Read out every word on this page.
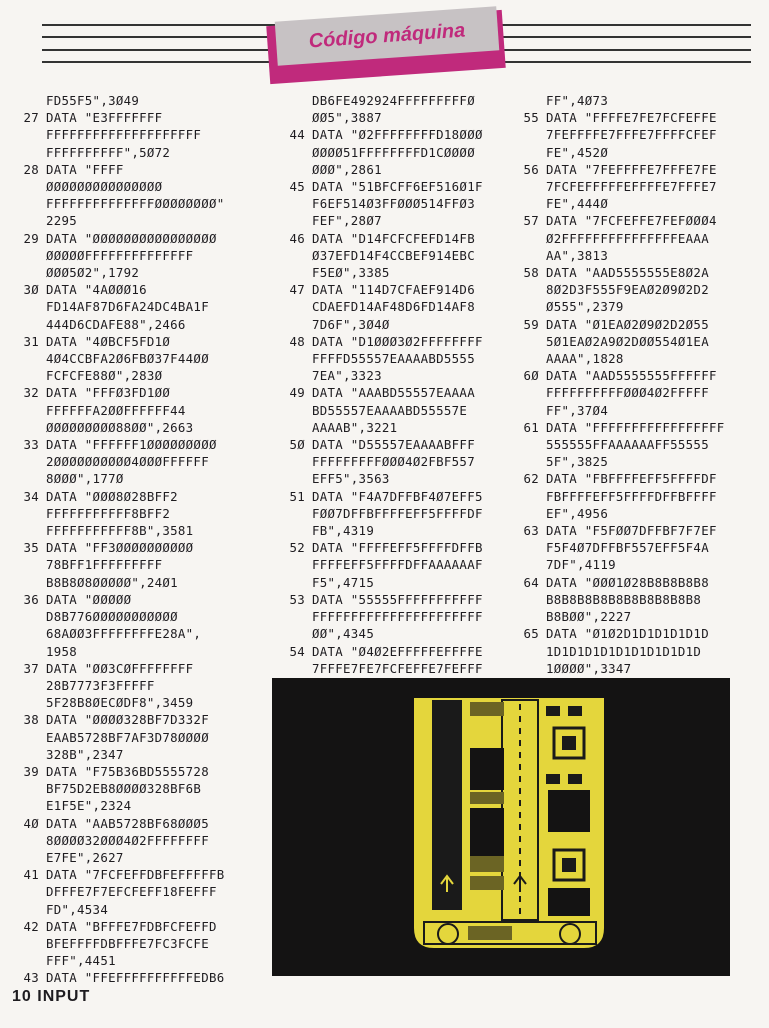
Código máquina
FD55F5",3Ø49
27 DATA "E3FFFFFFF
FFFFFFFFFFFFFFFFFFFF
FFFFFFFFFF",5Ø72
28 DATA "FFFF
ØØØØØØØØØØØØØØØ
FFFFFFFFFFFFFFØØØØØØØØ"
2295
29 DATA "ØØØØØØØØØØØØØØØØ
ØØØØØFFFFFFFFFFFFFF
ØØØ5Ø2",1792
3Ø DATA "4AØØØ16
FD14AF87D6FA24DC4BA1F
444D6CDAFE88",2466
31 DATA "4ØBCF5FD1Ø
4Ø4CCBFA2Ø6FBØ37F44ØØ
FCFCFE88Ø",283Ø
32 DATA "FFFØ3FD1ØØ
FFFFFFA2ØØFFFFFF44
ØØØØØØØØØ88ØØ",2663
33 DATA "FFFFFF1ØØØØØØØØØ
2ØØØØØØØØØØ4ØØØFFFFFF
8ØØØ",177Ø
34 DATA "ØØØ8Ø28BFF2
FFFFFFFFFFF8BFF2
FFFFFFFFFFF8B",3581
35 DATA "FF3ØØØØØØØØØØ
78BFF1FFFFFFFFF
B8B8Ø8ØØØØØ",24Ø1
36 DATA "ØØØØØ
D8B776ØØØØØØØØØØØ
68AØØ3FFFFFFFFE28A",
1958
37 DATA "ØØ3CØFFFFFFFF
28B7773F3FFFFF
5F28B8ØECØDF8",3459
38 DATA "ØØØØ328BF7D332F
EAAB5728BF7AF3D78ØØØØ
328B",2347
39 DATA "F75B36BD5555728
BF75D2EB8ØØØØ328BF6B
E1F5E",2324
4Ø DATA "AAB5728BF68ØØØ5
8ØØØØ32ØØØ4Ø2FFFFFFFF
E7FE",2627
41 DATA "7FCFEFFDBFEFFFFFB
DFFFE7F7EFCFEFF18FEFFF
FD",4534
42 DATA "BFFFE7FDBFCFEFFD
BFEFFFFDBFFFE7FC3FCFE
FFF",4451
43 DATA "FFEFFFFFFFFFFEDB6
DB6FE492924FFFFFFFFFØ
ØØ5",3887
44 DATA "Ø2FFFFFFFFD18ØØØ
ØØØØ51FFFFFFFFD1CØØØØ
ØØØ",2861
45 DATA "51BFCFF6EF516Ø1F
F6EF514Ø3FFØØØ514FFØ3
FEF",28Ø7
46 DATA "D14FCFCFEFD14FB
Ø37EFD14F4CCBEF914EBC
F5EØ",3385
47 DATA "114D7CFAEF914D6
CDAEFD14AF48D6FD14AF8
7D6F",3Ø4Ø
48 DATA "D1ØØØ3Ø2FFFFFFFF
FFFFD55557EAAAABD5555
7EA",3323
49 DATA "AAABD55557EAAAA
BD55557EAAAABD55557E
AAAAB",3221
5Ø DATA "D55557EAAAABFFF
FFFFFFFFFØØØ4Ø2FBF557
EFF5",3563
51 DATA "F4A7DFFBF4Ø7EFF5
FØØ7DFFBFFFFEFF5FFFFDF
FB",4319
52 DATA "FFFFEFF5FFFFDFFB
FFFFEFF5FFFFDFFAAAAAAF
F5",4715
53 DATA "55555FFFFFFFFFFF
FFFFFFFFFFFFFFFFFFFFFF
ØØ",4345
54 DATA "Ø4Ø2EFFFFFEFFFFE
7FFFE7FE7FCFEFFE7FEFFF
FF",4Ø73
55 DATA "FFFFE7FE7FCFEFFE
7FEFFFFE7FFFE7FFFFCFEF
FE",452Ø
56 DATA "7FEFFFFE7FFFE7FE
7FCFEFFFFFEFFFFE7FFFE7
FE",444Ø
57 DATA "7FCFEFFE7FEFØØØ4
Ø2FFFFFFFFFFFFFFFEAAA
AA",3813
58 DATA "AAD5555555E8Ø2A
8Ø2D3F555F9EAØ2Ø9Ø2D2
Ø555",2379
59 DATA "Ø1EAØ2Ø9Ø2D2Ø55
5Ø1EAØ2A9Ø2DØØ554Ø1EA
AAAA",1828
6Ø DATA "AAD5555555FFFFFF
FFFFFFFFFFØØØ4Ø2FFFFF
FF",37Ø4
61 DATA "FFFFFFFFFFFFFFFFF
555555FFAAAAAAFF55555
5F",3825
62 DATA "FBFFFFEFF5FFFFDF
FBFFFFEFF5FFFFDFFBFFFF
EF",4956
63 DATA "F5FØØ7DFFBF7F7EF
F5F4Ø7DFFBF557EFF5F4A
7DF",4119
64 DATA "ØØØ1Ø28B8B8B8B8
B8B8B8B8B8B8B8B8B8B8
B8BØØ",2227
65 DATA "Ø1Ø2D1D1D1D1D1D
1D1D1D1D1D1D1D1D1D1D
1ØØØØ",3347
10 INPUT
